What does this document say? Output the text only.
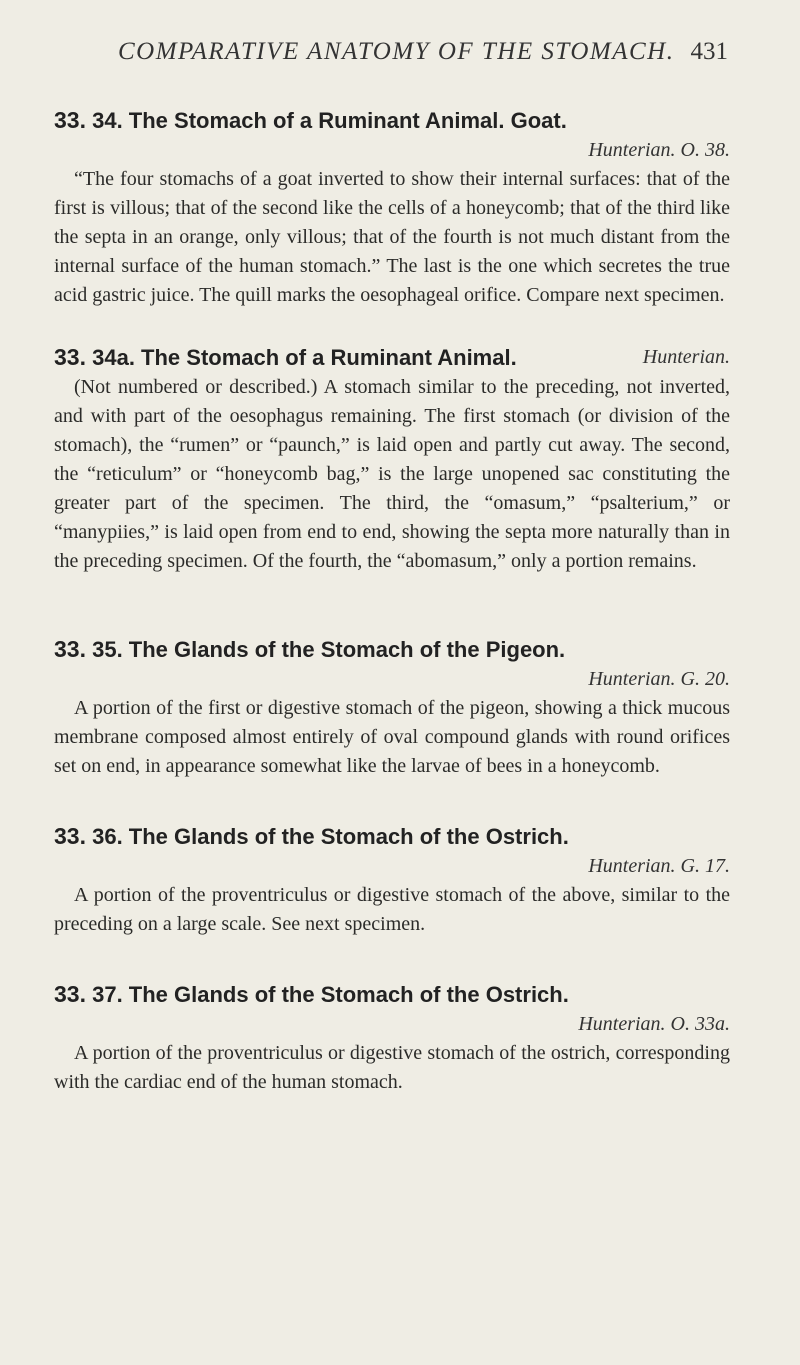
COMPARATIVE ANATOMY OF THE STOMACH. 431
33. 34. The Stomach of a Ruminant Animal. Goat.
Hunterian. O. 38.
“The four stomachs of a goat inverted to show their internal surfaces: that of the first is villous; that of the second like the cells of a honeycomb; that of the third like the septa in an orange, only villous; that of the fourth is not much distant from the internal surface of the human stomach.” The last is the one which secretes the true acid gastric juice. The quill marks the oesophageal orifice. Compare next specimen.
Hunterian.
33. 34a. The Stomach of a Ruminant Animal.
(Not numbered or described.) A stomach similar to the preceding, not inverted, and with part of the oesophagus remaining. The first stomach (or division of the stomach), the “rumen” or “paunch,” is laid open and partly cut away. The second, the “reticulum” or “honeycomb bag,” is the large unopened sac constituting the greater part of the specimen. The third, the “omasum,” “psalterium,” or “manypiies,” is laid open from end to end, showing the septa more naturally than in the preceding specimen. Of the fourth, the “abomasum,” only a portion remains.
33. 35. The Glands of the Stomach of the Pigeon.
Hunterian. G. 20.
A portion of the first or digestive stomach of the pigeon, showing a thick mucous membrane composed almost entirely of oval compound glands with round orifices set on end, in appearance somewhat like the larvae of bees in a honeycomb.
33. 36. The Glands of the Stomach of the Ostrich.
Hunterian. G. 17.
A portion of the proventriculus or digestive stomach of the above, similar to the preceding on a large scale. See next specimen.
33. 37. The Glands of the Stomach of the Ostrich.
Hunterian. O. 33a.
A portion of the proventriculus or digestive stomach of the ostrich, corresponding with the cardiac end of the human stomach.
